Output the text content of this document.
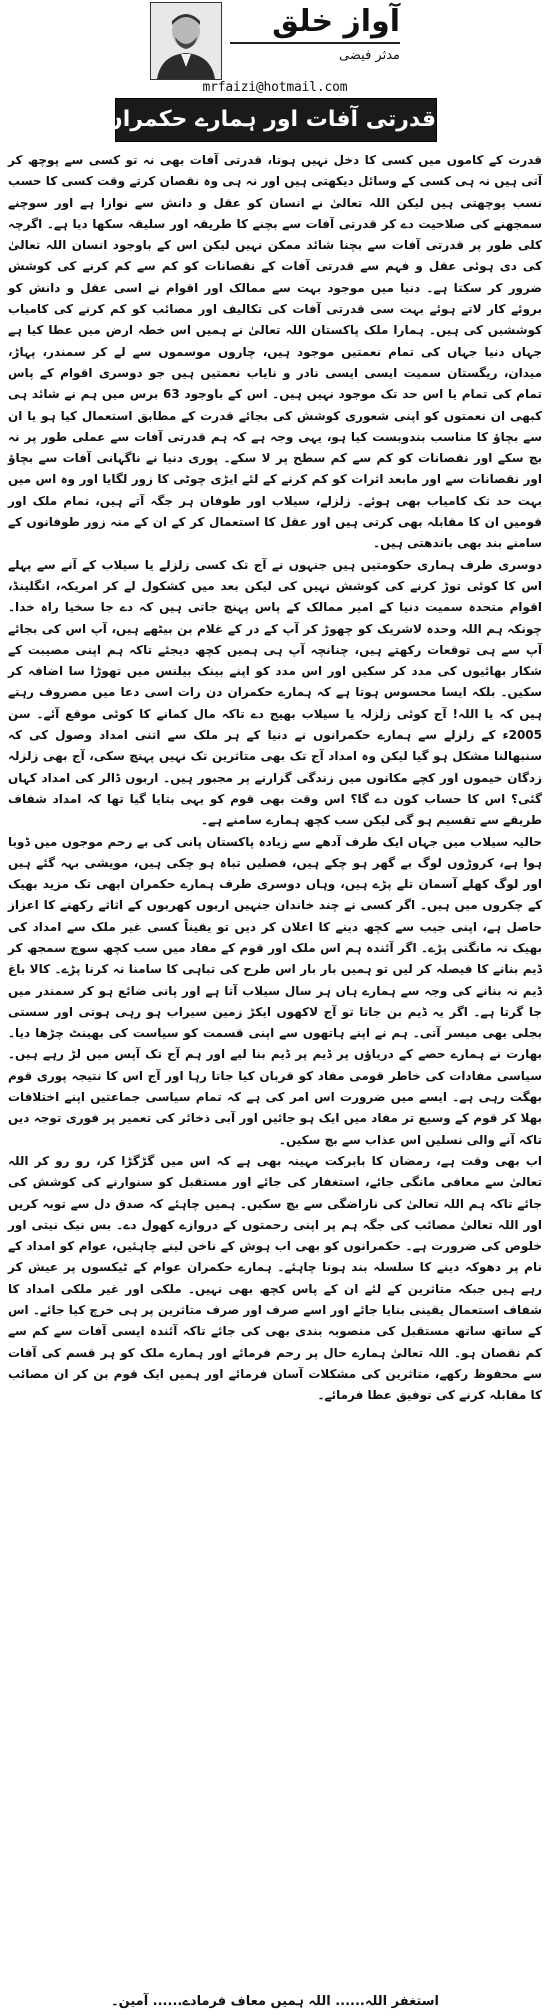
آواز خلق
مدثر فیضی
mrfaizi@hotmail.com
قدرتی آفات اور ہمارے حکمران......!

قدرت کے کاموں میں کسی کا دخل نہیں ہوتا، قدرتی آفات بھی نہ تو کسی سے پوچھ کر آتی ہیں نہ ہی کسی کے وسائل دیکھتی ہیں اور نہ ہی وہ نقصان کرتے وقت کسی کا حسب نسب پوچھتی ہیں لیکن اللہ تعالیٰ نے انسان کو عقل و دانش سے نوازا ہے اور سوچنے سمجھنے کی صلاحیت دے کر قدرتی آفات سے بچنے کا طریقہ اور سلیقہ سکھا دیا ہے۔ اگرچہ کلی طور پر قدرتی آفات سے بچنا شائد ممکن نہیں لیکن اس کے باوجود انسان اللہ تعالیٰ کی دی ہوئی عقل و فہم سے قدرتی آفات کے نقصانات کو کم سے کم کرنے کی کوشش ضرور کر سکتا ہے۔ دنیا میں موجود بہت سے ممالک اور اقوام نے اسی عقل و دانش کو بروئے کار لاتے ہوئے بہت سی قدرتی آفات کی تکالیف اور مصائب کو کم کرنے کی کامیاب کوششیں کی ہیں۔ ہمارا ملک پاکستان اللہ تعالیٰ نے ہمیں اس خطہ ارض میں عطا کیا ہے جہاں دنیا جہاں کی تمام نعمتیں موجود ہیں، چاروں موسموں سے لے کر سمندر، پہاڑ، میدان، ریگستان سمیت ایسی ایسی نادر و نایاب نعمتیں ہیں جو دوسری اقوام کے پاس تمام کی تمام یا اس حد تک موجود نہیں ہیں۔ اس کے باوجود 63 برس میں ہم نے شائد ہی کبھی ان نعمتوں کو اپنی شعوری کوشش کی بجائے قدرت کے مطابق استعمال کیا ہو یا ان سے بچاؤ کا مناسب بندوبست کیا ہو، یہی وجہ ہے کہ ہم قدرتی آفات سے عملی طور پر نہ بچ سکے اور نقصانات کو کم سے کم سطح پر لا سکے۔ پوری دنیا نے ناگہانی آفات سے بچاؤ اور نقصانات سے اور مابعد اثرات کو کم کرنے کے لئے ایڑی چوٹی کا زور لگایا اور وہ اس میں بہت حد تک کامیاب بھی ہوئے۔ زلزلے، سیلاب اور طوفان ہر جگہ آتے ہیں، تمام ملک اور قومیں ان کا مقابلہ بھی کرتی ہیں اور عقل کا استعمال کر کے ان کے منہ زور طوفانوں کے سامنے بند بھی باندھتی ہیں۔

دوسری طرف ہماری حکومتیں ہیں جنہوں نے آج تک کسی زلزلے یا سیلاب کے آنے سے پہلے اس کا کوئی توڑ کرنے کی کوشش نہیں کی لیکن بعد میں کشکول لے کر امریکہ، انگلینڈ، اقوام متحدہ سمیت دنیا کے امیر ممالک کے پاس پہنچ جاتی ہیں کہ دے جا سخیا راہ خدا۔ چونکہ ہم اللہ وحدہ لاشریک کو چھوڑ کر آپ کے در کے غلام بن بیٹھے ہیں، آپ اس کی بجائے آپ سے ہی توقعات رکھتے ہیں، چنانچہ آپ ہی ہمیں کچھ دیجئے تاکہ ہم اپنی مصیبت کے شکار بھائیوں کی مدد کر سکیں اور اس مدد کو اپنے بینک بیلنس میں تھوڑا سا اضافہ کر سکیں۔ بلکہ ایسا محسوس ہوتا ہے کہ ہمارے حکمران دن رات اسی دعا میں مصروف رہتے ہیں کہ یا اللہ! آج کوئی زلزلہ یا سیلاب بھیج دے تاکہ مال کمانے کا کوئی موقع آئے۔ سن 2005ء کے زلزلے سے ہمارے حکمرانوں نے دنیا کے ہر ملک سے اتنی امداد وصول کی کہ سنبھالنا مشکل ہو گیا لیکن وہ امداد آج تک بھی متاثرین تک نہیں پہنچ سکی، آج بھی زلزلہ زدگان خیموں اور کچے مکانوں میں زندگی گزارنے پر مجبور ہیں۔ اربوں ڈالر کی امداد کہاں گئی؟ اس کا حساب کون دے گا؟ اس وقت بھی قوم کو یہی بتایا گیا تھا کہ امداد شفاف طریقے سے تقسیم ہو گی لیکن سب کچھ ہمارے سامنے ہے۔

حالیہ سیلاب میں جہاں ایک طرف آدھے سے زیادہ پاکستان پانی کی بے رحم موجوں میں ڈوبا ہوا ہے، کروڑوں لوگ بے گھر ہو چکے ہیں، فصلیں تباہ ہو چکی ہیں، مویشی بہہ گئے ہیں اور لوگ کھلے آسمان تلے پڑے ہیں، وہاں دوسری طرف ہمارے حکمران ابھی تک مزید بھیک کے چکروں میں ہیں۔ اگر کسی نے چند خاندان جنہیں اربوں کھربوں کے اثاثے رکھنے کا اعزاز حاصل ہے، اپنی جیب سے کچھ دینے کا اعلان کر دیں تو یقیناً کسی غیر ملک سے امداد کی بھیک نہ مانگنی پڑے۔ اگر آئندہ ہم اس ملک اور قوم کے مفاد میں سب کچھ سوچ سمجھ کر ڈیم بنانے کا فیصلہ کر لیں تو ہمیں بار بار اس طرح کی تباہی کا سامنا نہ کرنا پڑے۔ کالا باغ ڈیم نہ بنانے کی وجہ سے ہمارے ہاں ہر سال سیلاب آتا ہے اور پانی ضائع ہو کر سمندر میں جا گرتا ہے۔ اگر یہ ڈیم بن جاتا تو آج لاکھوں ایکڑ زمین سیراب ہو رہی ہوتی اور سستی بجلی بھی میسر آتی۔ ہم نے اپنے ہاتھوں سے اپنی قسمت کو سیاست کی بھینٹ چڑھا دیا۔ بھارت نے ہمارے حصے کے دریاؤں پر ڈیم پر ڈیم بنا لیے اور ہم آج تک آپس میں لڑ رہے ہیں۔ سیاسی مفادات کی خاطر قومی مفاد کو قربان کیا جاتا رہا اور آج اس کا نتیجہ پوری قوم بھگت رہی ہے۔ ایسے میں ضرورت اس امر کی ہے کہ تمام سیاسی جماعتیں اپنے اختلافات بھلا کر قوم کے وسیع تر مفاد میں ایک ہو جائیں اور آبی ذخائر کی تعمیر پر فوری توجہ دیں تاکہ آنے والی نسلیں اس عذاب سے بچ سکیں۔

اب بھی وقت ہے، رمضان کا بابرکت مہینہ بھی ہے کہ اس میں گڑگڑا کر، رو رو کر اللہ تعالیٰ سے معافی مانگی جائے، استغفار کی جائے اور مستقبل کو سنوارنے کی کوشش کی جائے تاکہ ہم اللہ تعالیٰ کی ناراضگی سے بچ سکیں۔ ہمیں چاہئے کہ صدق دل سے توبہ کریں اور اللہ تعالیٰ مصائب کی جگہ ہم پر اپنی رحمتوں کے دروازے کھول دے۔ بس نیک نیتی اور خلوص کی ضرورت ہے۔ حکمرانوں کو بھی اب ہوش کے ناخن لینے چاہئیں، عوام کو امداد کے نام پر دھوکہ دینے کا سلسلہ بند ہونا چاہئے۔ ہمارے حکمران عوام کے ٹیکسوں پر عیش کر رہے ہیں جبکہ متاثرین کے لئے ان کے پاس کچھ بھی نہیں۔ ملکی اور غیر ملکی امداد کا شفاف استعمال یقینی بنایا جائے اور اسے صرف اور صرف متاثرین پر ہی خرچ کیا جائے۔ اس کے ساتھ ساتھ مستقبل کی منصوبہ بندی بھی کی جائے تاکہ آئندہ ایسی آفات سے کم سے کم نقصان ہو۔ اللہ تعالیٰ ہمارے حال پر رحم فرمائے اور ہمارے ملک کو ہر قسم کی آفات سے محفوظ رکھے، متاثرین کی مشکلات آسان فرمائے اور ہمیں ایک قوم بن کر ان مصائب کا مقابلہ کرنے کی توفیق عطا فرمائے۔

استغفر اللہ...... اللہ ہمیں معاف فرمادے...... آمین۔
